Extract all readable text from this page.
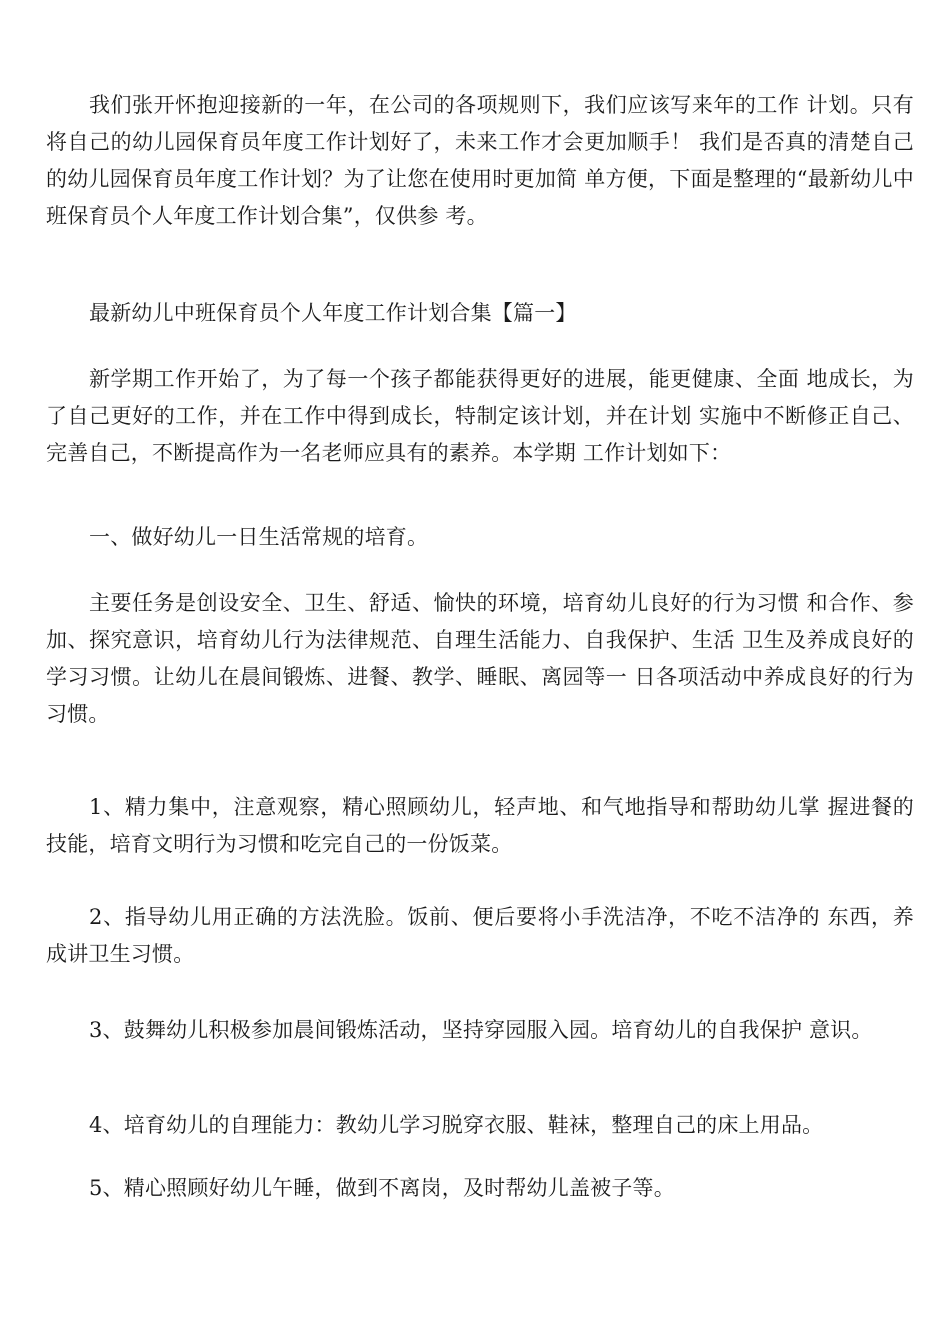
我们张开怀抱迎接新的一年，在公司的各项规则下，我们应该写来年的工作 计划。只有将自己的幼儿园保育员年度工作计划好了，未来工作才会更加顺手！ 我们是否真的清楚自己的幼儿园保育员年度工作计划？为了让您在使用时更加简 单方便，下面是整理的“最新幼儿中班保育员个人年度工作计划合集”，仅供参 考。

最新幼儿中班保育员个人年度工作计划合集【篇一】

新学期工作开始了，为了每一个孩子都能获得更好的进展，能更健康、全面 地成长，为了自己更好的工作，并在工作中得到成长，特制定该计划，并在计划 实施中不断修正自己、完善自己，不断提高作为一名老师应具有的素养。本学期 工作计划如下：

一、做好幼儿一日生活常规的培育。

主要任务是创设安全、卫生、舒适、愉快的环境，培育幼儿良好的行为习惯 和合作、参加、探究意识，培育幼儿行为法律规范、自理生活能力、自我保护、生活 卫生及养成良好的学习习惯。让幼儿在晨间锻炼、进餐、教学、睡眠、离园等一 日各项活动中养成良好的行为习惯。

1、精力集中，注意观察，精心照顾幼儿，轻声地、和气地指导和帮助幼儿掌 握进餐的技能，培育文明行为习惯和吃完自己的一份饭菜。

2、指导幼儿用正确的方法洗脸。饭前、便后要将小手洗洁净，不吃不洁净的 东西，养成讲卫生习惯。

3、鼓舞幼儿积极参加晨间锻炼活动，坚持穿园服入园。培育幼儿的自我保护 意识。

4、培育幼儿的自理能力：教幼儿学习脱穿衣服、鞋袜，整理自己的床上用品。

5、精心照顾好幼儿午睡，做到不离岗，及时帮幼儿盖被子等。
